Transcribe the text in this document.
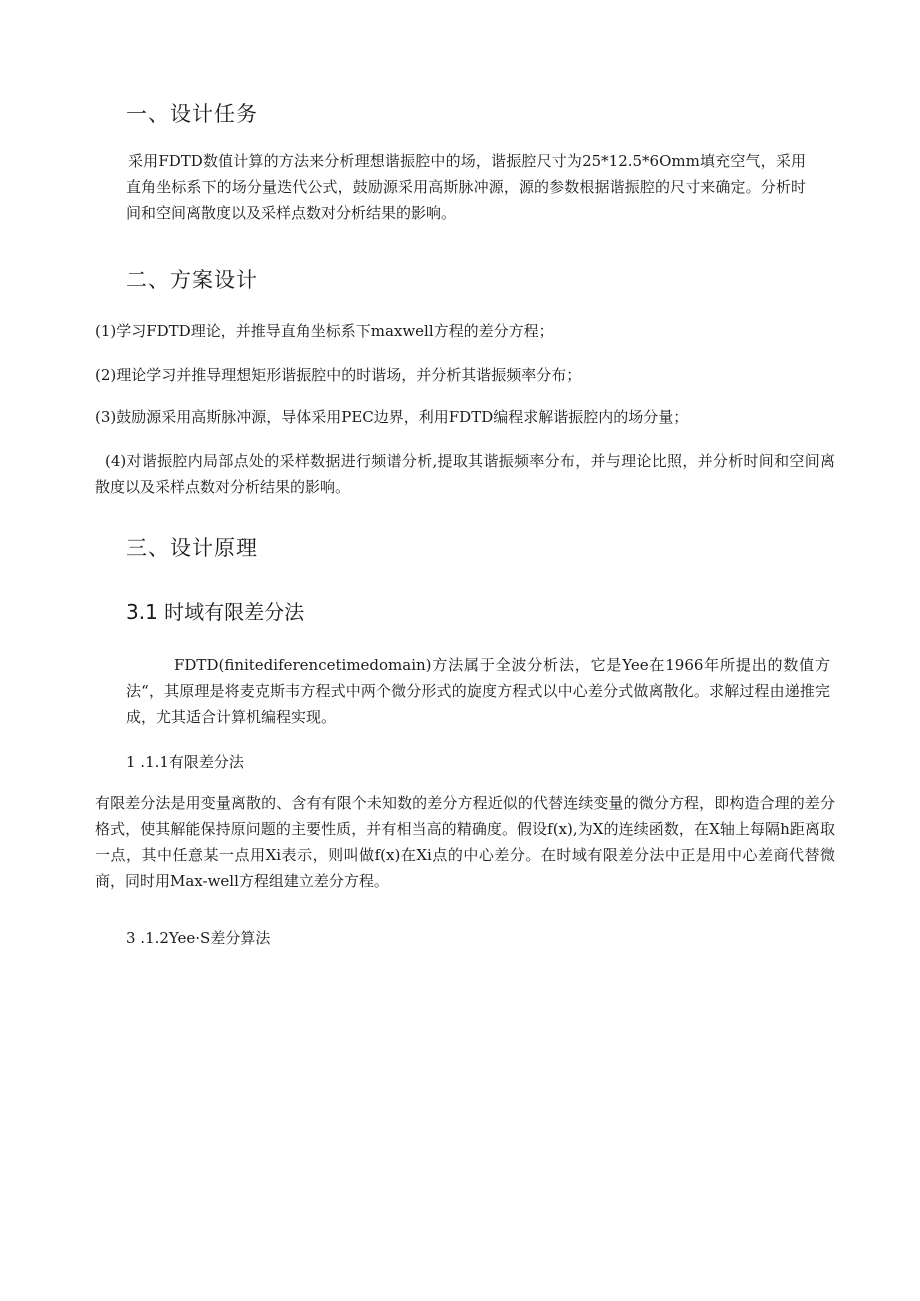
一、设计任务
采用FDTD数值计算的方法来分析理想谐振腔中的场，谐振腔尺寸为25*12.5*6Omm填充空气，采用直角坐标系下的场分量迭代公式，鼓励源采用高斯脉冲源，源的参数根据谐振腔的尺寸来确定。分析时间和空间离散度以及采样点数对分析结果的影响。
二、方案设计
(1)学习FDTD理论，并推导直角坐标系下maxwell方程的差分方程；
(2)理论学习并推导理想矩形谐振腔中的时谐场，并分析其谐振频率分布；
(3)鼓励源采用高斯脉冲源，导体采用PEC边界，利用FDTD编程求解谐振腔内的场分量；
(4)对谐振腔内局部点处的采样数据进行频谱分析,提取其谐振频率分布，并与理论比照，并分析时间和空间离散度以及采样点数对分析结果的影响。
三、设计原理
3.1 时域有限差分法
FDTD(finitediferencetimedomain)方法属于全波分析法，它是Yee在1966年所提出的数值方法“，其原理是将麦克斯韦方程式中两个微分形式的旋度方程式以中心差分式做离散化。求解过程由递推完成，尤其适合计算机编程实现。
1 .1.1有限差分法
有限差分法是用变量离散的、含有有限个未知数的差分方程近似的代替连续变量的微分方程，即构造合理的差分格式，使其解能保持原问题的主要性质，并有相当高的精确度。假设f(x),为X的连续函数，在X轴上每隔h距离取一点，其中任意某一点用Xi表示，则叫做f(x)在Xi点的中心差分。在时域有限差分法中正是用中心差商代替微商，同时用Max-well方程组建立差分方程。
3 .1.2Yee·S差分算法
